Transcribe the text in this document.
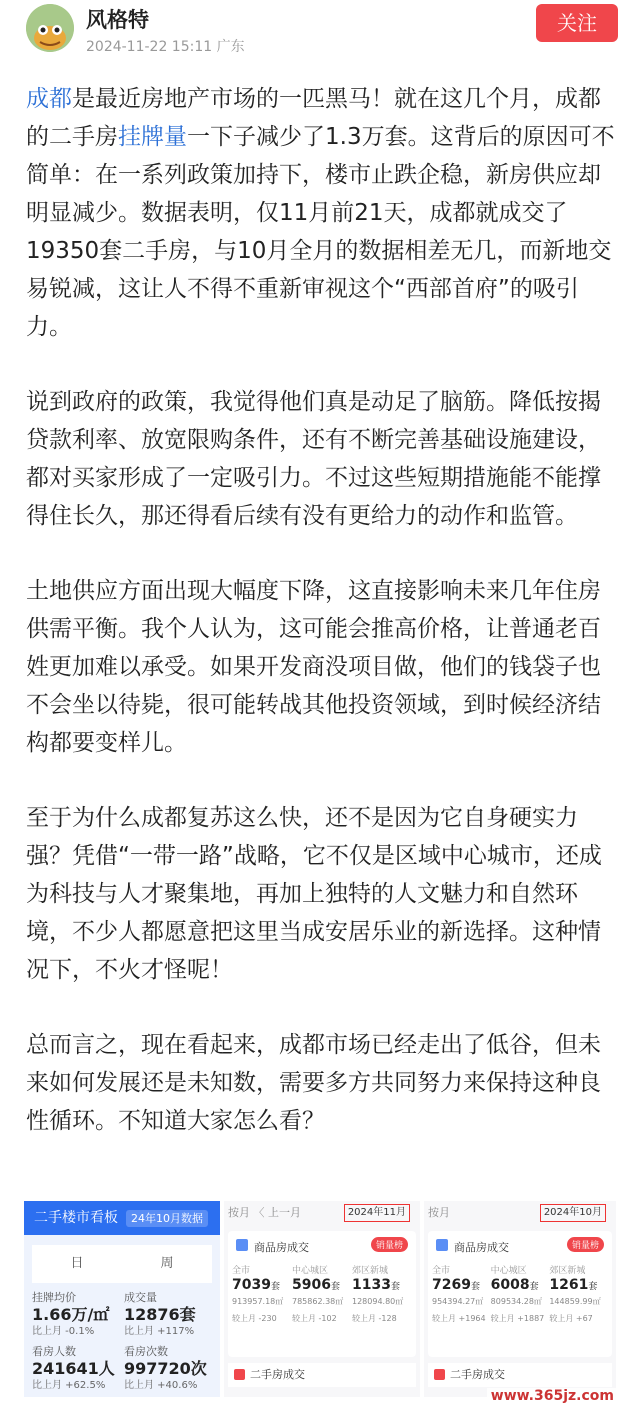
风格特
2024-11-22 15:11 广东
关注

成都是最近房地产市场的一匹黑马！就在这几个月，成都的二手房挂牌量一下子减少了1.3万套。这背后的原因可不简单：在一系列政策加持下，楼市止跌企稳，新房供应却明显减少。数据表明，仅11月前21天，成都就成交了19350套二手房，与10月全月的数据相差无几，而新地交易锐减，这让人不得不重新审视这个“西部首府”的吸引力。

说到政府的政策，我觉得他们真是动足了脑筋。降低按揭贷款利率、放宽限购条件，还有不断完善基础设施建设，都对买家形成了一定吸引力。不过这些短期措施能不能撑得住长久，那还得看后续有没有更给力的动作和监管。

土地供应方面出现大幅度下降，这直接影响未来几年住房供需平衡。我个人认为，这可能会推高价格，让普通老百姓更加难以承受。如果开发商没项目做，他们的钱袋子也不会坐以待毙，很可能转战其他投资领域，到时候经济结构都要变样儿。

至于为什么成都复苏这么快，还不是因为它自身硬实力强？凭借“一带一路”战略，它不仅是区域中心城市，还成为科技与人才聚集地，再加上独特的人文魅力和自然环境，不少人都愿意把这里当成安居乐业的新选择。这种情况下，不火才怪呢！

总而言之，现在看起来，成都市场已经走出了低谷，但未来如何发展还是未知数，需要多方共同努力来保持这种良性循环。不知道大家怎么看？

二手楼市看板 24年10月数据
日	周
挂牌均价
1.66万/㎡
比上月 -0.1%
成交量
12876套
比上月 +117%
看房人数
241641人
比上月 +62.5%
看房次数
997720次
比上月 +40.6%
按月 〈 上一月	2024年11月
商品房成交	销量榜
全市
7039套
913957.18㎡
较上月 -230
中心城区
5906套
785862.38㎡
较上月 -102
郊区新城
1133套
128094.80㎡
较上月 -128
二手房成交
按月	2024年10月
商品房成交	销量榜
全市
7269套
954394.27㎡
较上月 +1964
中心城区
6008套
809534.28㎡
较上月 +1887
郊区新城
1261套
144859.99㎡
较上月 +67
二手房成交
www.365jz.com
